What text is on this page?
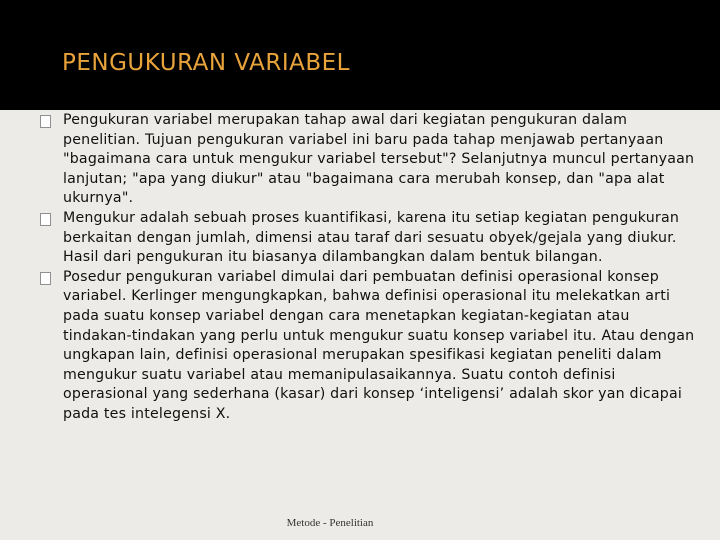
PENGUKURAN VARIABEL
Pengukuran variabel merupakan tahap awal dari kegiatan pengukuran dalam penelitian. Tujuan pengukuran variabel ini baru pada tahap menjawab pertanyaan "bagaimana cara untuk mengukur variabel tersebut"? Selanjutnya muncul pertanyaan lanjutan; "apa yang diukur" atau "bagaimana cara merubah konsep, dan "apa alat ukurnya".
Mengukur adalah sebuah proses kuantifikasi, karena itu setiap kegiatan pengukuran berkaitan dengan jumlah, dimensi atau taraf dari sesuatu obyek/gejala yang diukur. Hasil dari pengukuran itu biasanya dilambangkan dalam bentuk bilangan.
Posedur pengukuran variabel dimulai dari pembuatan definisi operasional konsep variabel. Kerlinger mengungkapkan, bahwa definisi operasional itu melekatkan arti pada suatu konsep variabel dengan cara menetapkan kegiatan-kegiatan atau tindakan-tindakan yang perlu untuk mengukur suatu konsep variabel itu. Atau dengan ungkapan lain, definisi operasional merupakan spesifikasi kegiatan peneliti dalam mengukur suatu variabel atau memanipulasaikannya. Suatu contoh definisi operasional yang sederhana (kasar) dari konsep ‘inteligensi’ adalah skor yan dicapai pada tes intelegensi X.
Metode - Penelitian
